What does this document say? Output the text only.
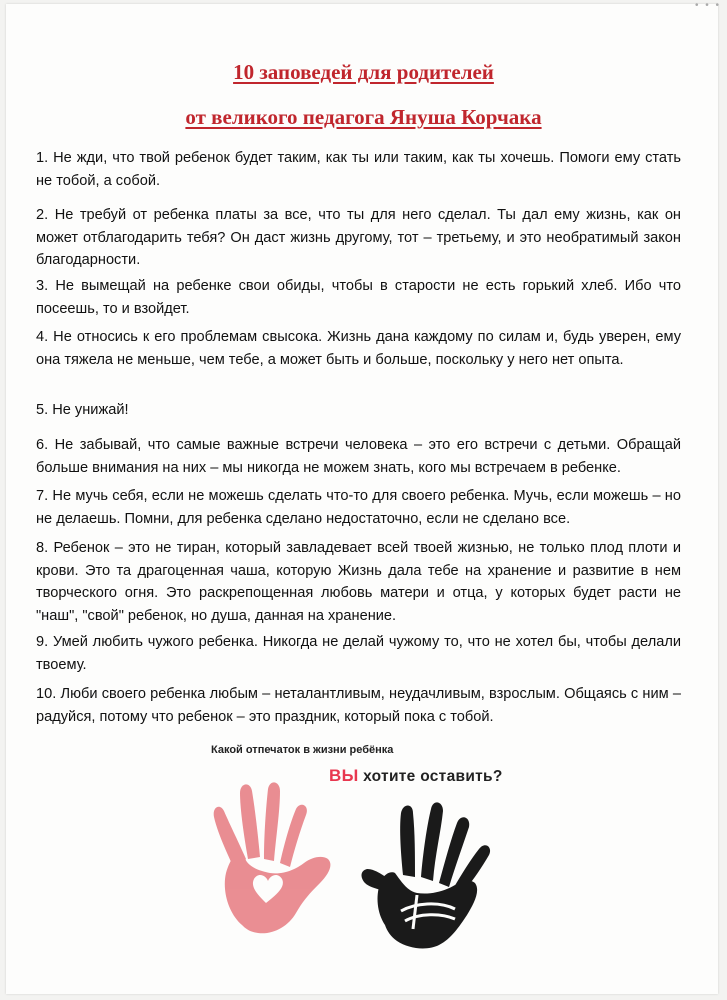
• • •
10 заповедей для родителей
от великого педагога Януша Корчака

1. Не жди, что твой ребенок будет таким, как ты или таким, как ты хочешь. Помоги ему стать не тобой, а собой.

2. Не требуй от ребенка платы за все, что ты для него сделал. Ты дал ему жизнь, как он может отблагодарить тебя? Он даст жизнь другому, тот – третьему, и это необратимый закон благодарности.

3. Не вымещай на ребенке свои обиды, чтобы в старости не есть горький хлеб. Ибо что посеешь, то и взойдет.

4. Не относись к его проблемам свысока. Жизнь дана каждому по силам и, будь уверен, ему она тяжела не меньше, чем тебе, а может быть и больше, поскольку у него нет опыта.

5. Не унижай!

6. Не забывай, что самые важные встречи человека – это его встречи с детьми. Обращай больше внимания на них – мы никогда не можем знать, кого мы встречаем в ребенке.

7. Не мучь себя, если не можешь сделать что-то для своего ребенка. Мучь, если можешь – но не делаешь. Помни, для ребенка сделано недостаточно, если не сделано все.

8. Ребенок – это не тиран, который завладевает всей твоей жизнью, не только плод плоти и крови. Это та драгоценная чаша, которую Жизнь дала тебе на хранение и развитие в нем творческого огня. Это раскрепощенная любовь матери и отца, у которых будет расти не "наш", "свой" ребенок, но душа, данная на хранение.

9. Умей любить чужого ребенка. Никогда не делай чужому то, что не хотел бы, чтобы делали твоему.

10. Люби своего ребенка любым – неталантливым, неудачливым, взрослым. Общаясь с ним – радуйся, потому что ребенок – это праздник, который пока с тобой.

Какой отпечаток в жизни ребёнка
ВЫ хотите оставить?
